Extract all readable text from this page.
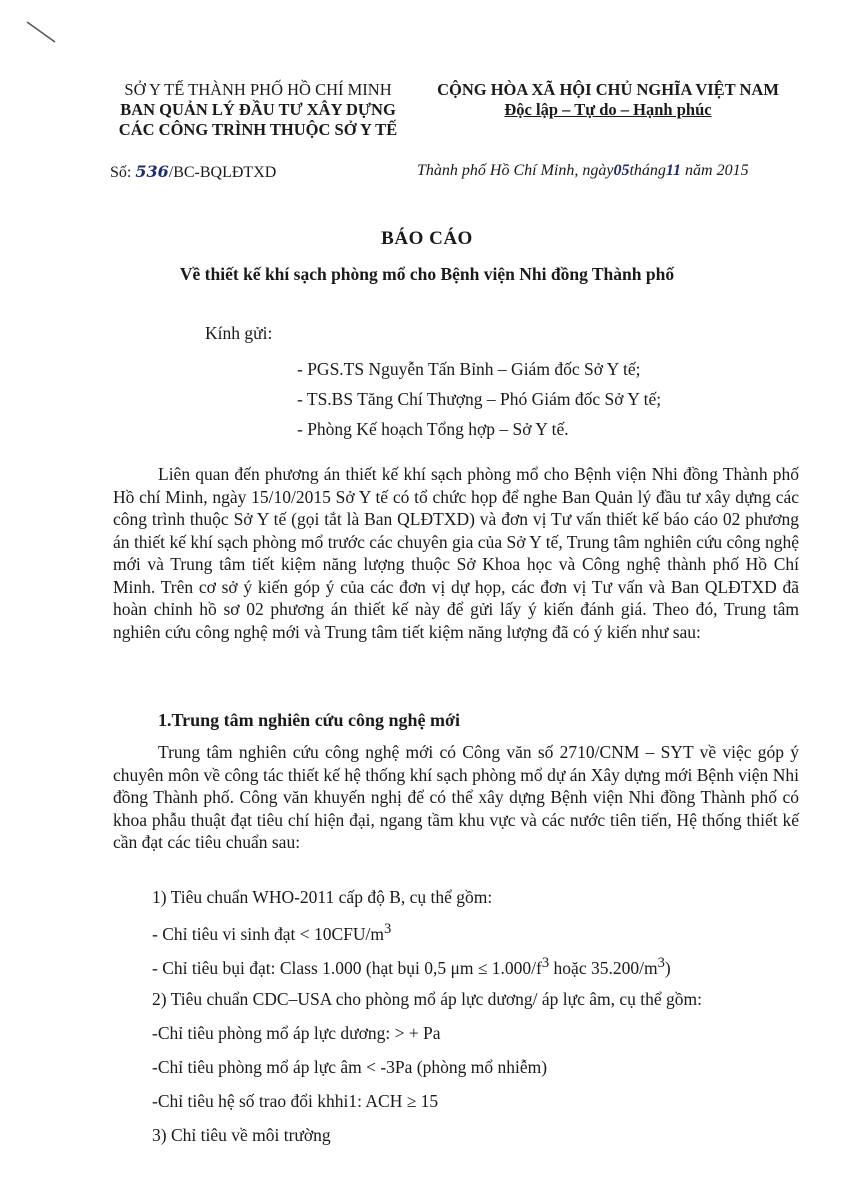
SỞ Y TẾ THÀNH PHỐ HỒ CHÍ MINH
BAN QUẢN LÝ ĐẦU TƯ XÂY DỰNG
CÁC CÔNG TRÌNH THUỘC SỞ Y TẾ
CỘNG HÒA XÃ HỘI CHỦ NGHĨA VIỆT NAM
Độc lập – Tự do – Hạnh phúc
Số: 536/BC-BQLĐTXD	Thành phố Hồ Chí Minh, ngày05tháng11 năm 2015
BÁO CÁO
Về thiết kế khí sạch phòng mổ cho Bệnh viện Nhi đồng Thành phố
Kính gửi:
- PGS.TS Nguyễn Tấn Bỉnh – Giám đốc Sở Y tế;
- TS.BS Tăng Chí Thượng – Phó Giám đốc Sở Y tế;
- Phòng Kế hoạch Tổng hợp – Sở Y tế.

Liên quan đến phương án thiết kế khí sạch phòng mổ cho Bệnh viện Nhi đồng Thành phố Hồ chí Minh, ngày 15/10/2015 Sở Y tế có tổ chức họp để nghe Ban Quản lý đầu tư xây dựng các công trình thuộc Sở Y tế (gọi tắt là Ban QLĐTXD) và đơn vị Tư vấn thiết kế báo cáo 02 phương án thiết kế khí sạch phòng mổ trước các chuyên gia của Sở Y tế, Trung tâm nghiên cứu công nghệ mới và Trung tâm tiết kiệm năng lượng thuộc Sở Khoa học và Công nghệ thành phố Hồ Chí Minh. Trên cơ sở ý kiến góp ý của các đơn vị dự họp, các đơn vị Tư vấn và Ban QLĐTXD đã hoàn chỉnh hồ sơ 02 phương án thiết kế này để gửi lấy ý kiến đánh giá. Theo đó, Trung tâm nghiên cứu công nghệ mới và Trung tâm tiết kiệm năng lượng đã có ý kiến như sau:

1.Trung tâm nghiên cứu công nghệ mới

Trung tâm nghiên cứu công nghệ mới có Công văn số 2710/CNM – SYT về việc góp ý chuyên môn về công tác thiết kế hệ thống khí sạch phòng mổ dự án Xây dựng mới Bệnh viện Nhi đồng Thành phố. Công văn khuyến nghị để có thể xây dựng Bệnh viện Nhi đồng Thành phố có khoa phẫu thuật đạt tiêu chí hiện đại, ngang tầm khu vực và các nước tiên tiến, Hệ thống thiết kế cần đạt các tiêu chuẩn sau:

1) Tiêu chuẩn WHO-2011 cấp độ B, cụ thể gồm:
- Chỉ tiêu vi sinh đạt < $10CFU/m^3$
- Chỉ tiêu bụi đạt: Class 1.000 (hạt bụi 0,5 $\mu m \le 1.000/f^3$ hoặc $35.200/m^3$)
2) Tiêu chuẩn CDC–USA cho phòng mổ áp lực dương/ áp lực âm, cụ thể gồm:
-Chỉ tiêu phòng mổ áp lực dương: > + Pa
-Chỉ tiêu phòng mổ áp lực âm < -3Pa (phòng mổ nhiễm)
-Chỉ tiêu hệ số trao đổi khhi1: ACH ≥ 15
3) Chỉ tiêu về môi trường
